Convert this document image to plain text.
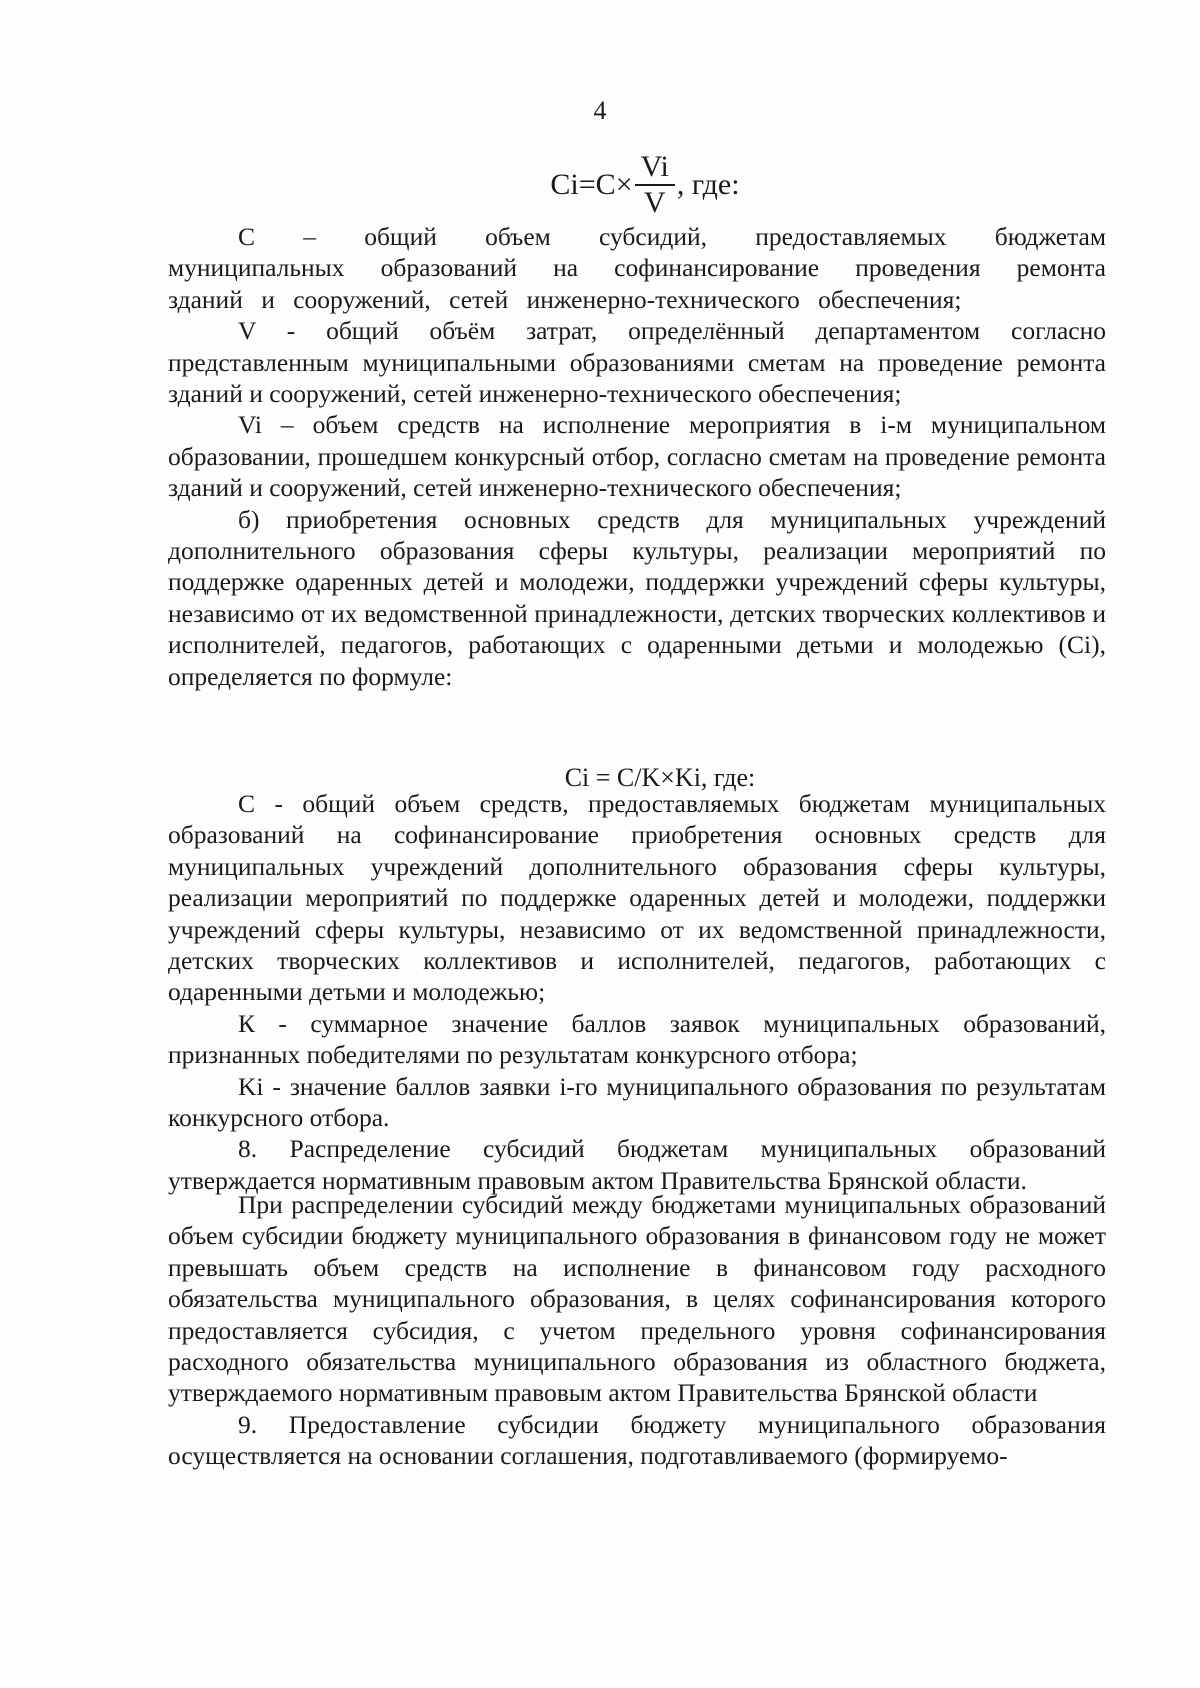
4
$Ci=C\times \frac{Vi}{V}$ , где:

C – общий объем субсидий, предоставляемых бюджетам муниципальных образований на софинансирование проведения ремонта зданий и сооружений, сетей инженерно-технического обеспечения;

V - общий объём затрат, определённый департаментом согласно представленным муниципальными образованиями сметам на проведение ремонта зданий и сооружений, сетей инженерно-технического обеспечения;

Vi – объем средств на исполнение мероприятия в i-м муниципальном образовании, прошедшем конкурсный отбор, согласно сметам на проведение ремонта зданий и сооружений, сетей инженерно-технического обеспечения;

б) приобретения основных средств для муниципальных учреждений дополнительного образования сферы культуры, реализации мероприятий по поддержке одаренных детей и молодежи, поддержки учреждений сферы культуры, независимо от их ведомственной принадлежности, детских творческих коллективов и исполнителей, педагогов, работающих с одаренными детьми и молодежью (Ci), определяется по формуле:

Ci = C/K×Ki, где:

С - общий объем средств, предоставляемых бюджетам муниципальных образований на софинансирование приобретения основных средств для муниципальных учреждений дополнительного образования сферы культуры, реализации мероприятий по поддержке одаренных детей и молодежи, поддержки учреждений сферы культуры, независимо от их ведомственной принадлежности, детских творческих коллективов и исполнителей, педагогов, работающих с одаренными детьми и молодежью;

К - суммарное значение баллов заявок муниципальных образований, признанных победителями по результатам конкурсного отбора;

Ki - значение баллов заявки i-го муниципального образования по результатам конкурсного отбора.

8. Распределение субсидий бюджетам муниципальных образований утверждается нормативным правовым актом Правительства Брянской области.

При распределении субсидий между бюджетами муниципальных образований объем субсидии бюджету муниципального образования в финансовом году не может превышать объем средств на исполнение в финансовом году расходного обязательства муниципального образования, в целях софинансирования которого предоставляется субсидия, с учетом предельного уровня софинансирования расходного обязательства муниципального образования из областного бюджета, утверждаемого нормативным правовым актом Правительства Брянской области

9. Предоставление субсидии бюджету муниципального образования осуществляется на основании соглашения, подготавливаемого (формируемо-
